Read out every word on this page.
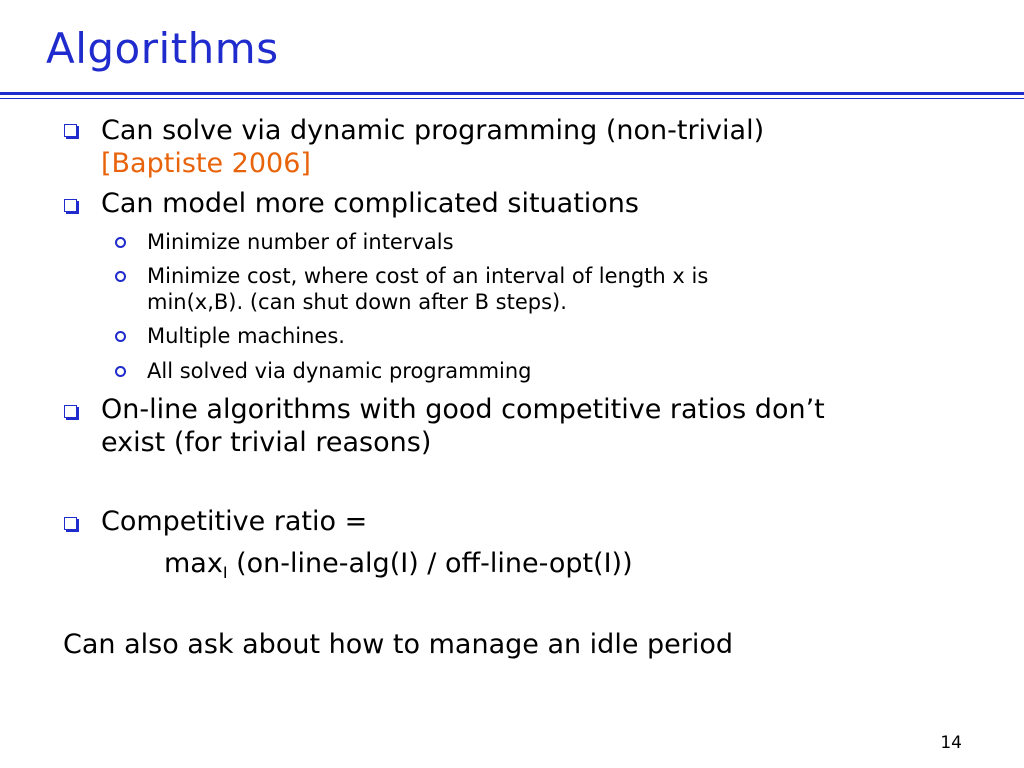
Algorithms
Can solve via dynamic programming (non-trivial)
[Baptiste 2006]
Can model more complicated situations
Minimize number of intervals
Minimize cost, where cost of an interval of length x is
min(x,B). (can shut down after B steps).
Multiple machines.
All solved via dynamic programming
On-line algorithms with good competitive ratios don’t
exist (for trivial reasons)
Competitive ratio =
$\max_I$ (on-line-alg(I) / off-line-opt(I))
Can also ask about how to manage an idle period
14
